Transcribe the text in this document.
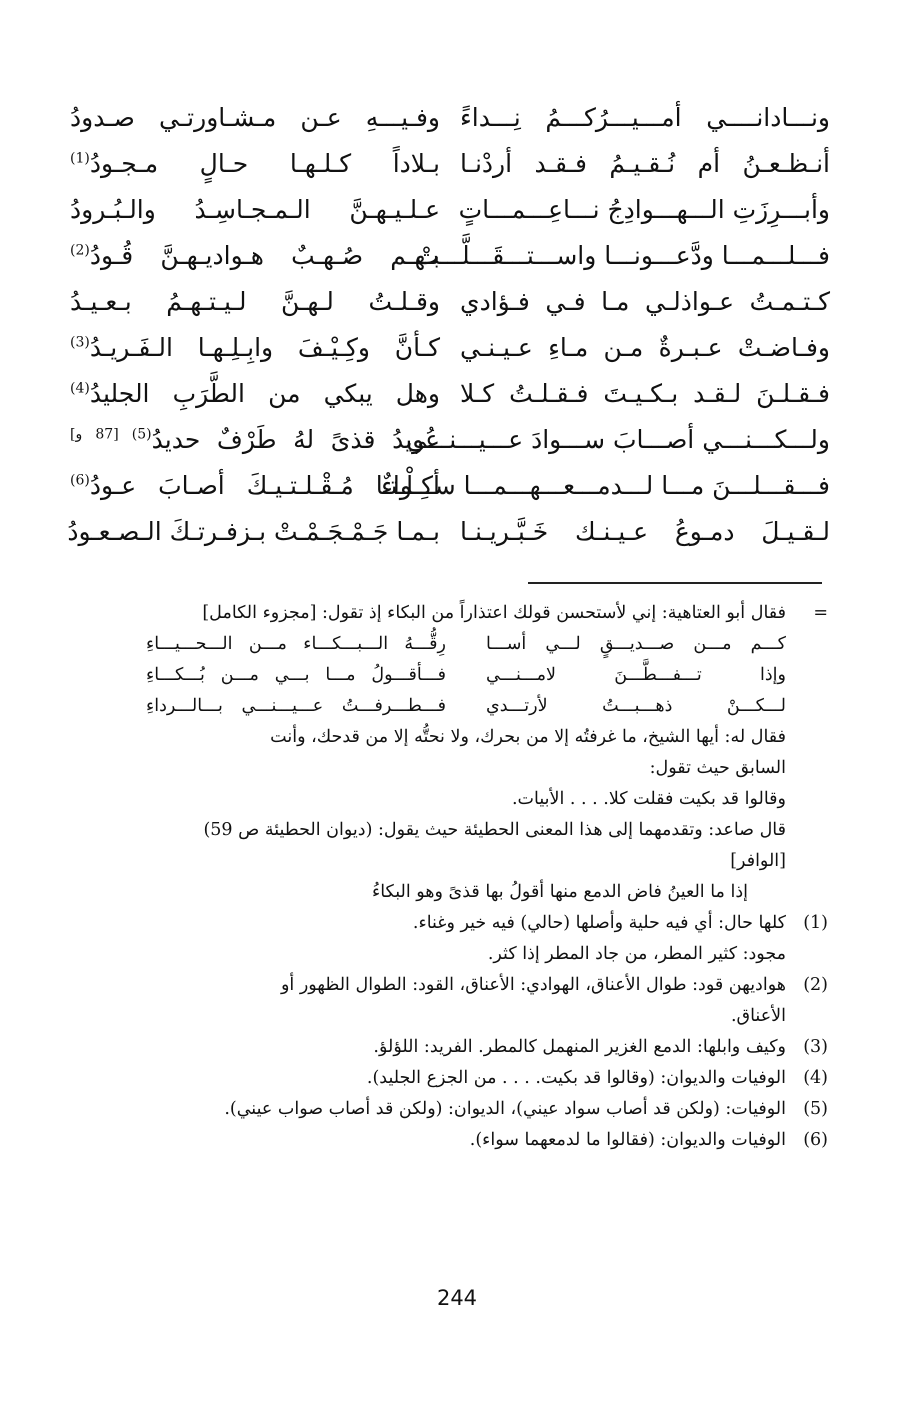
ونـــادانــــي أمـــيـــرُكـــمُ نِـــداءً
وفـيـــهِ عـن مـشـاورتـي صـدودُ
أنـظـعـنُ أم نُـقـيـمُ فـقـد أردْنـا
بـلاداً كـلـهـا حـالٍ مـجـودُ$^{(1)}$
وأبـــرِزَتِ الـــهـــوادِجُ نـــاعِـــمـــاتٍ
عـلـيـهـنَّ الـمـجـاسِـدُ والـبُـرودُ
فـــلـــمـــا ودَّعـــونـــا واســـتـــقَـــلَّـــتْ
بـهـم صُـهـبٌ هـواديـهـنَّ قُـودُ$^{(2)}$
كـتـمـتُ عـواذلـي مـا فـي فـؤادي
وقـلـتُ لـهـنَّ لـيـتـهـمُ بـعـيـدُ
وفـاضـتْ عـبـرةٌ مـن مـاءِ عـيـنـي
كـأنَّ وكِـيْـفَ وابِـلِـهـا الـفَـريـدُ$^{(3)}$
فـقـلـنَ لـقـد بـكـيـتَ فـقـلـتُ كـلا
وهل يبكي من الطَّرَبِ الجليدُ$^{(4)}$
ولـــكـــنـــي أصـــابَ ســـوادَ عـــيـــنـــي
عُويدُ قذىً لهُ طَرْفٌ حديدُ$^{(5) [87 و]}$
فـــقـــلـــنَ مـــا لـــدمـــعـــهـــمـــا ســـواءٌ
أكِـلْـتـا مُـقْـلـتـيـكَ أصـابَ عـودُ$^{(6)}$
لـقـيـلَ دمـوعُ عـيـنـك خَـبَّـريـنـا
بـمـا جَـمْـجَـمْـتْ بـزفـرتـكَ الـصـعـودُ
=
فقال أبو العتاهية: إني لأستحسن قولك اعتذاراً من البكاء إذ تقول: [مجزوء الكامل]
كـــم مـــن صـــديـــقٍ لـــي أســـا
رِقُّـــهُ الـــبـــكـــاء مـــن الـــحـــيـــاءِ
وإذا تـــفـــطَّـــنَ لامـــنـــي
فـــأقـــولُ مـــا بـــي مـــن بُـــكـــاءِ
لـــكـــنْ ذهـــبـــتُ لأرتـــدي
فـــطـــرفـــتُ عـــيـــنـــي بـــالـــرداءِ
فقال له: أيها الشيخ، ما غرفتُه إلا من بحرك، ولا نحتُّه إلا من قدحك، وأنت
السابق حيث تقول:
وقالوا قد بكيت فقلت كلا. . . . الأبيات.
قال صاعد: وتقدمهما إلى هذا المعنى الحطيئة حيث يقول: (ديوان الحطيئة ص 59)
[الوافر]
إذا ما العينُ فاض الدمع منها أقولُ بها قذىً وهو البكاءُ
(1)
كلها حال: أي فيه حلية وأصلها (حالي) فيه خير وغناء.
مجود: كثير المطر، من جاد المطر إذا كثر.
(2)
هواديهن قود: طوال الأعناق، الهوادي: الأعناق، القود: الطوال الظهور أو
الأعناق.
(3)
وكيف وابلها: الدمع الغزير المنهمل كالمطر. الفريد: اللؤلؤ.
(4)
الوفيات والديوان: (وقالوا قد بكيت. . . . من الجزع الجليد).
(5)
الوفيات: (ولكن قد أصاب سواد عيني)، الديوان: (ولكن قد أصاب صواب عيني).
(6)
الوفيات والديوان: (فقالوا ما لدمعهما سواء).
244
